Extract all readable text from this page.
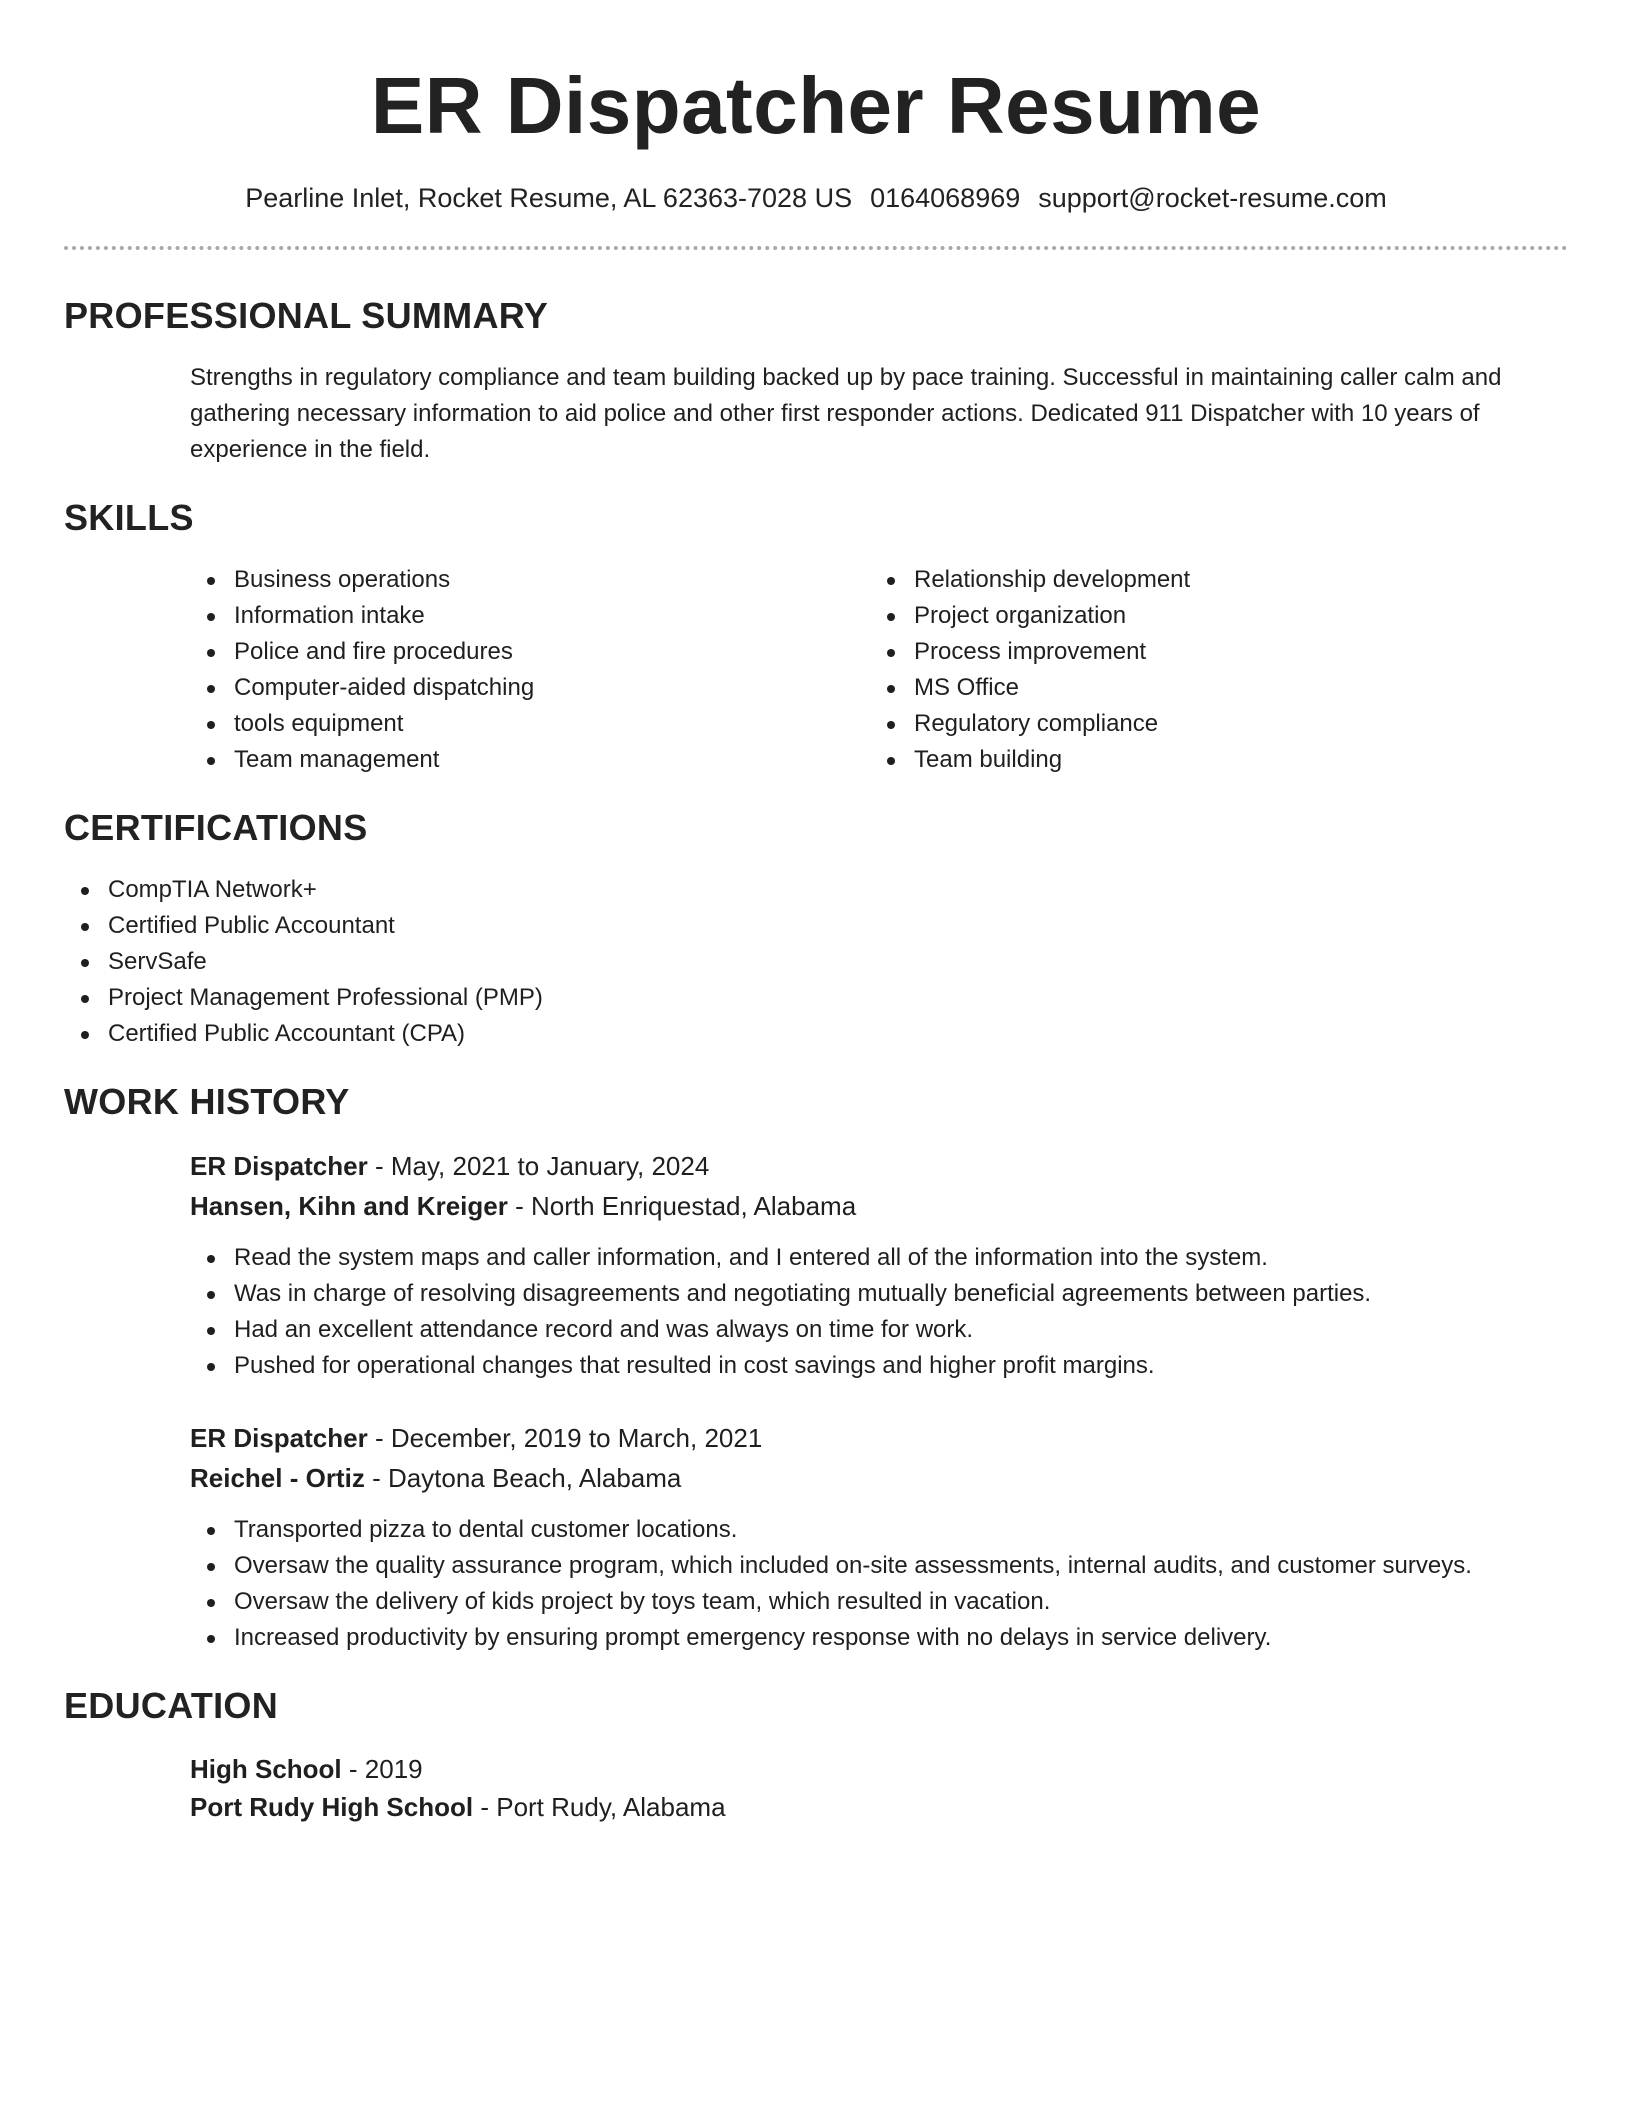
ER Dispatcher Resume
Pearline Inlet, Rocket Resume, AL 62363-7028 US 0164068969 support@rocket-resume.com
PROFESSIONAL SUMMARY

Strengths in regulatory compliance and team building backed up by pace training. Successful in maintaining caller calm and gathering necessary information to aid police and other first responder actions. Dedicated 911 Dispatcher with 10 years of experience in the field.

SKILLS
Business operations
Information intake
Police and fire procedures
Computer-aided dispatching
tools equipment
Team management
Relationship development
Project organization
Process improvement
MS Office
Regulatory compliance
Team building
CERTIFICATIONS
CompTIA Network+
Certified Public Accountant
ServSafe
Project Management Professional (PMP)
Certified Public Accountant (CPA)
WORK HISTORY
ER Dispatcher - May, 2021 to January, 2024
Hansen, Kihn and Kreiger - North Enriquestad, Alabama
Read the system maps and caller information, and I entered all of the information into the system.
Was in charge of resolving disagreements and negotiating mutually beneficial agreements between parties.
Had an excellent attendance record and was always on time for work.
Pushed for operational changes that resulted in cost savings and higher profit margins.
ER Dispatcher - December, 2019 to March, 2021
Reichel - Ortiz - Daytona Beach, Alabama
Transported pizza to dental customer locations.
Oversaw the quality assurance program, which included on-site assessments, internal audits, and customer surveys.
Oversaw the delivery of kids project by toys team, which resulted in vacation.
Increased productivity by ensuring prompt emergency response with no delays in service delivery.
EDUCATION
High School - 2019
Port Rudy High School - Port Rudy, Alabama
